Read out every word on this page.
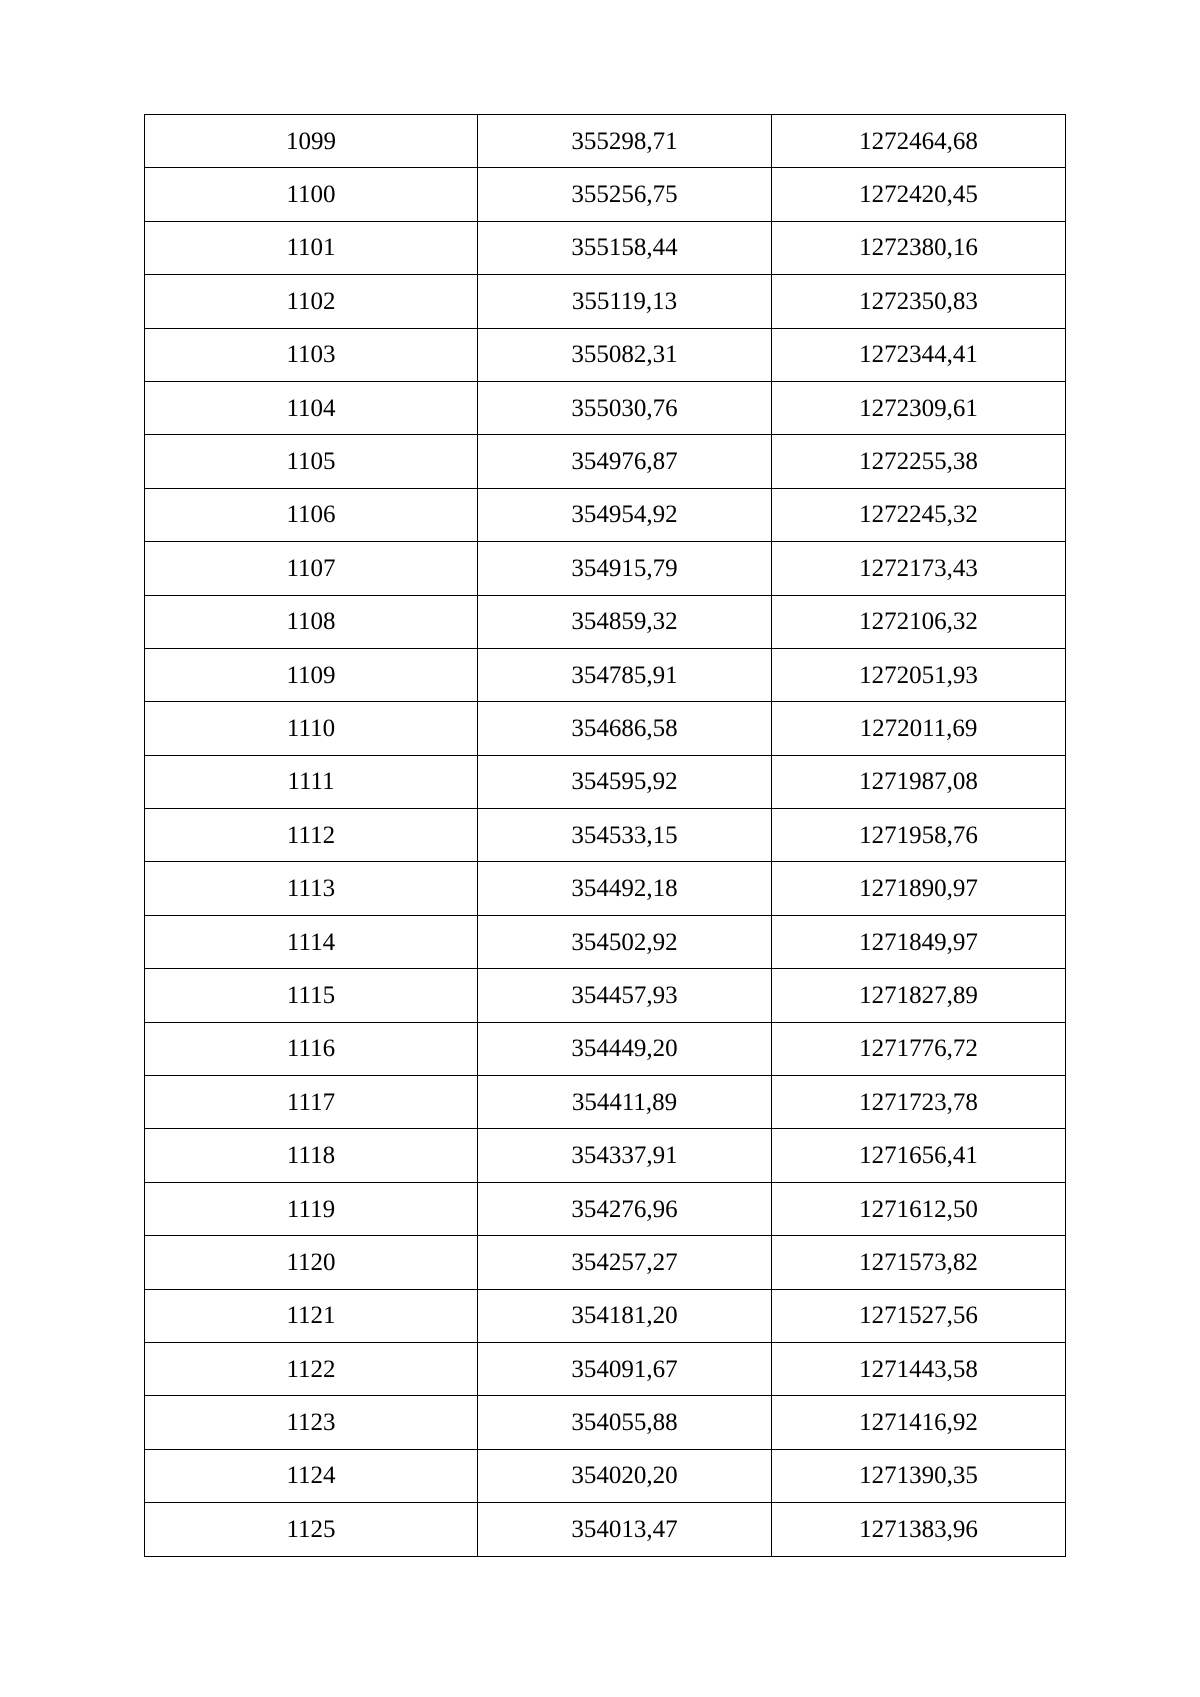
1099	355298,71	1272464,68
1100	355256,75	1272420,45
1101	355158,44	1272380,16
1102	355119,13	1272350,83
1103	355082,31	1272344,41
1104	355030,76	1272309,61
1105	354976,87	1272255,38
1106	354954,92	1272245,32
1107	354915,79	1272173,43
1108	354859,32	1272106,32
1109	354785,91	1272051,93
1110	354686,58	1272011,69
1111	354595,92	1271987,08
1112	354533,15	1271958,76
1113	354492,18	1271890,97
1114	354502,92	1271849,97
1115	354457,93	1271827,89
1116	354449,20	1271776,72
1117	354411,89	1271723,78
1118	354337,91	1271656,41
1119	354276,96	1271612,50
1120	354257,27	1271573,82
1121	354181,20	1271527,56
1122	354091,67	1271443,58
1123	354055,88	1271416,92
1124	354020,20	1271390,35
1125	354013,47	1271383,96
